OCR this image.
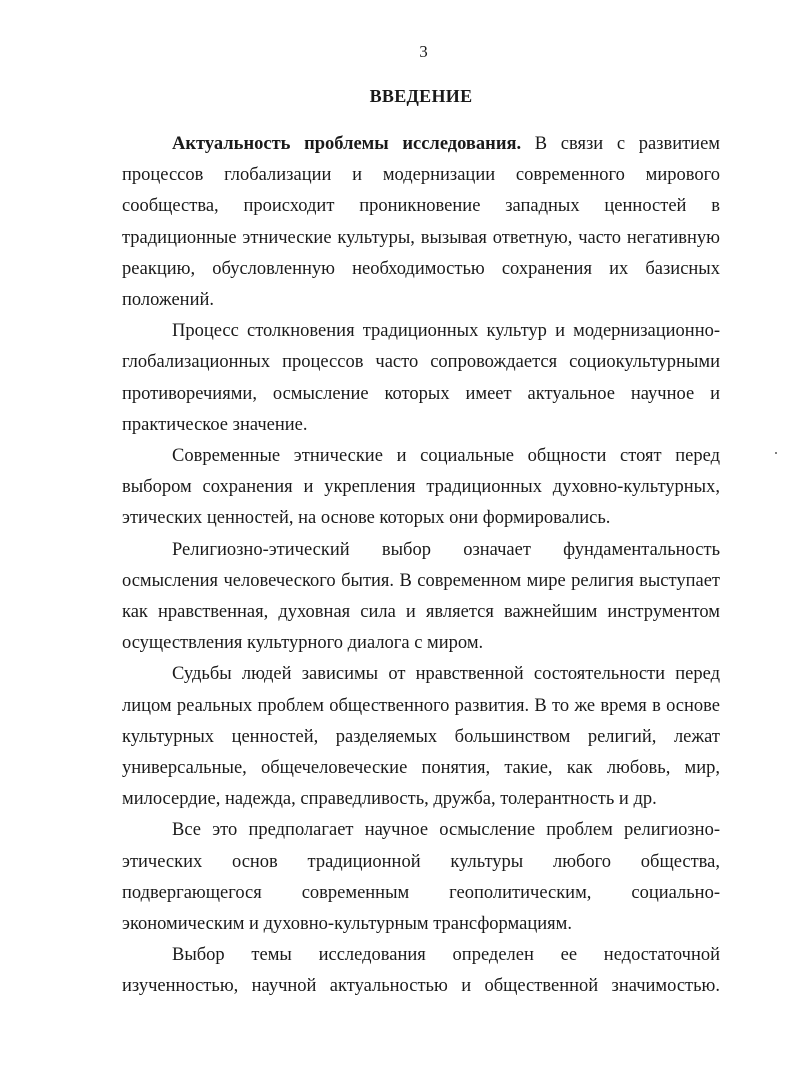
3
ВВЕДЕНИЕ

Актуальность проблемы исследования. В связи с развитием процессов глобализации и модернизации современного мирового сообщества, происходит проникновение западных ценностей в традиционные этнические культуры, вызывая ответную, часто негативную реакцию, обусловленную необходимостью сохранения их базисных положений.

Процесс столкновения традиционных культур и модернизационно-глобализационных процессов часто сопровождается социокультурными противоречиями, осмысление которых имеет актуальное научное и практическое значение.

Современные этнические и социальные общности стоят перед выбором сохранения и укрепления традиционных духовно-культурных, этических ценностей, на основе которых они формировались.

Религиозно-этический выбор означает фундаментальность осмысления человеческого бытия. В современном мире религия выступает как нравственная, духовная сила и является важнейшим инструментом осуществления культурного диалога с миром.

Судьбы людей зависимы от нравственной состоятельности перед лицом реальных проблем общественного развития. В то же время в основе культурных ценностей, разделяемых большинством религий, лежат универсальные, общечеловеческие понятия, такие, как любовь, мир, милосердие, надежда, справедливость, дружба, толерантность и др.

Все это предполагает научное осмысление проблем религиозно-этических основ традиционной культуры любого общества, подвергающегося современным геополитическим, социально-экономическим и духовно-культурным трансформациям.

Выбор темы исследования определен ее недостаточной изученностью, научной актуальностью и общественной значимостью.
